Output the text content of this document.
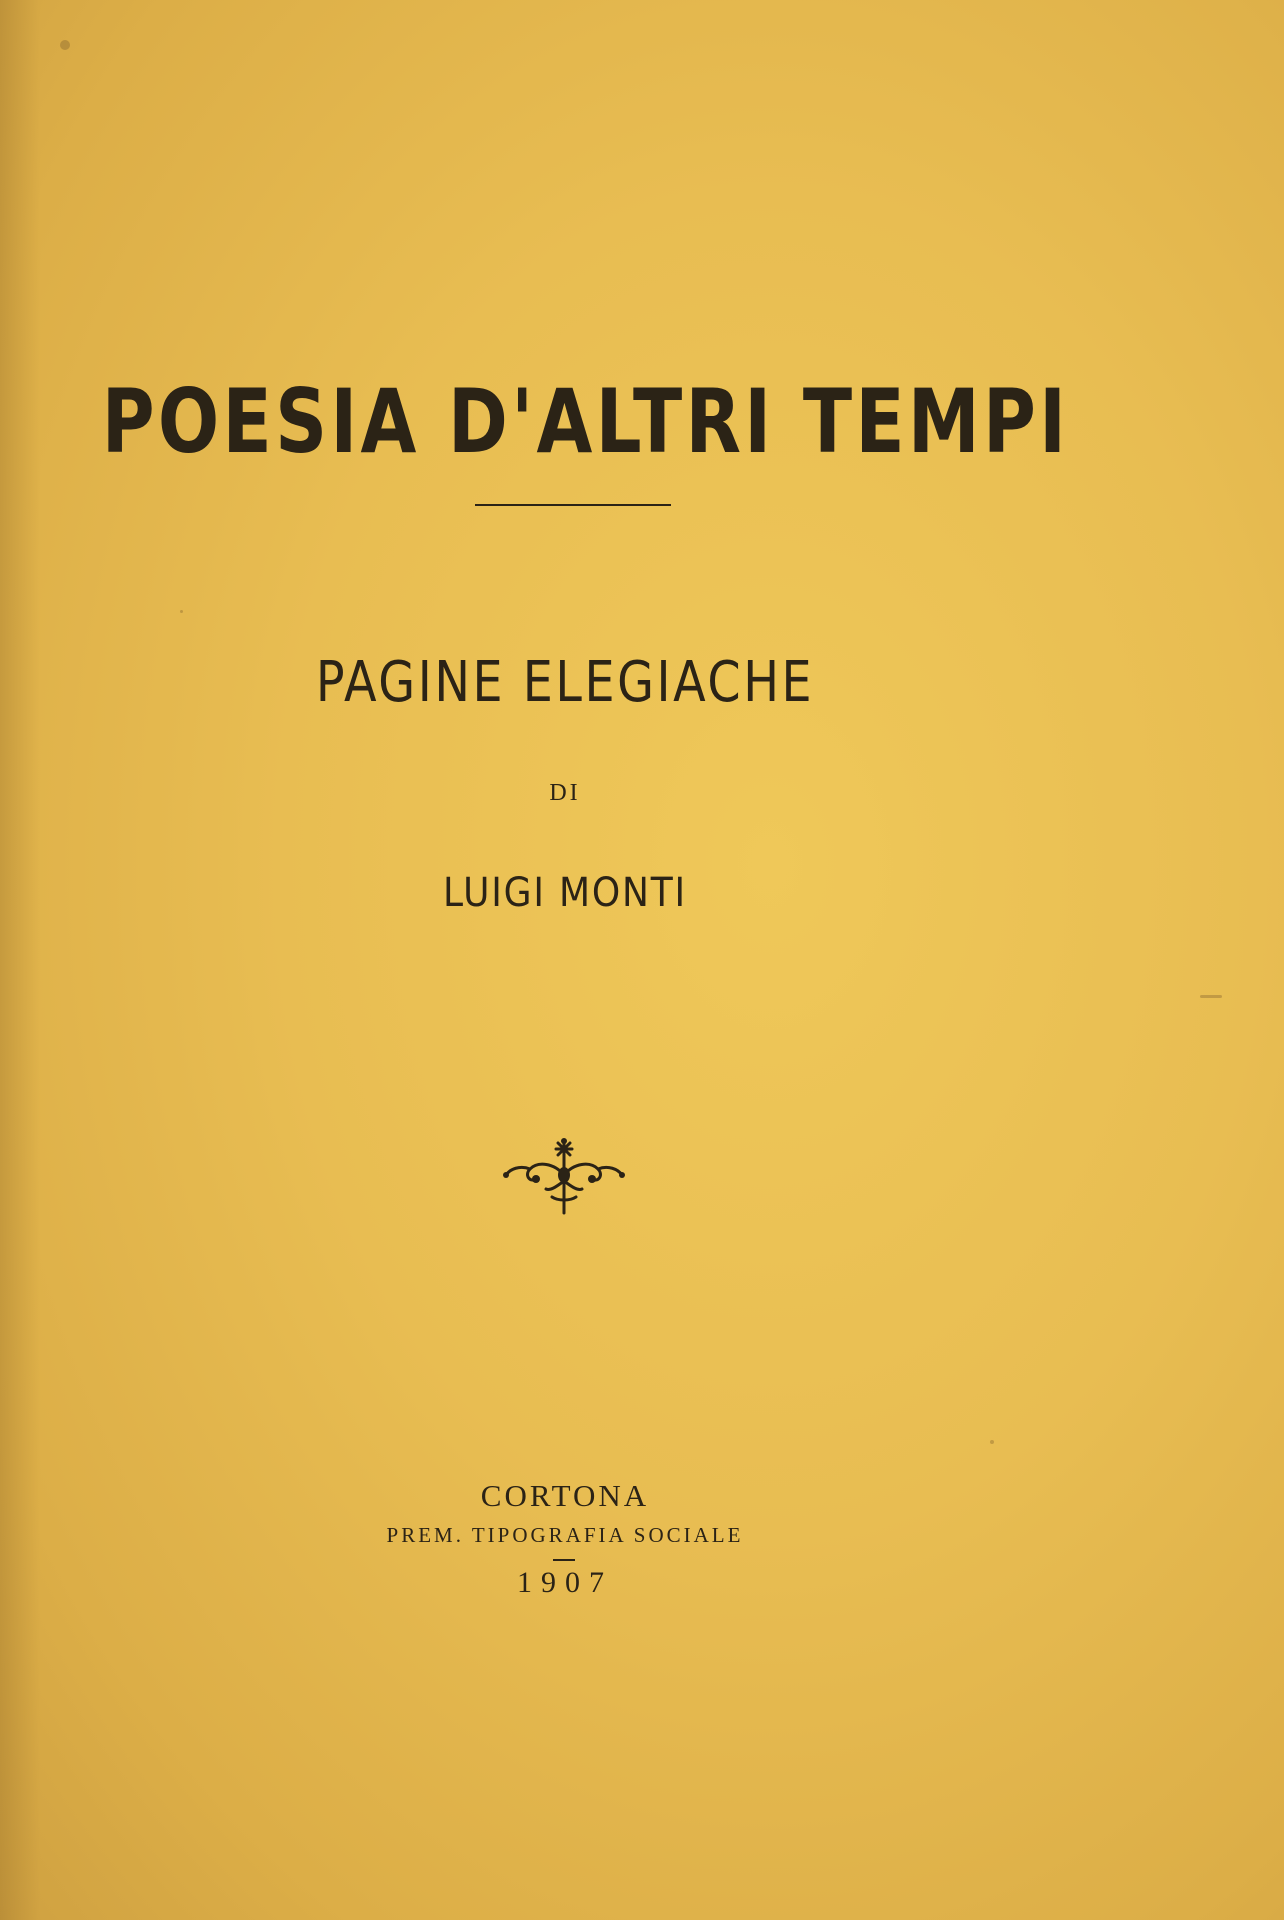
POESIA D'ALTRI TEMPI
PAGINE ELEGIACHE
DI
LUIGI MONTI
CORTONA
PREM. TIPOGRAFIA SOCIALE
1907
